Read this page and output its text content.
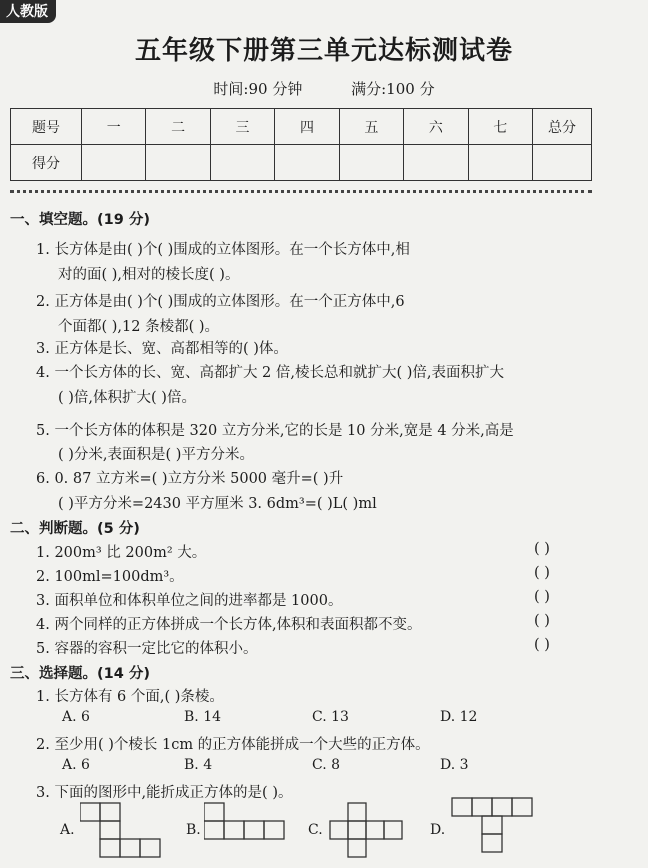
人教版
五年级下册第三单元达标测试卷
时间:90 分钟	满分:100 分
题号	一	二	三	四	五	六	七	总分
得分								
一、填空题。(19 分)
1. 长方体是由( )个( )围成的立体图形。在一个长方体中,相
对的面( ),相对的棱长度( )。
2. 正方体是由( )个( )围成的立体图形。在一个正方体中,6
个面都( ),12 条棱都( )。
3. 正方体是长、宽、高都相等的( )体。
4. 一个长方体的长、宽、高都扩大 2 倍,棱长总和就扩大( )倍,表面积扩大
( )倍,体积扩大( )倍。
5. 一个长方体的体积是 320 立方分米,它的长是 10 分米,宽是 4 分米,高是
( )分米,表面积是( )平方分米。
6. 0. 87 立方米=( )立方分米 5000 毫升=( )升
( )平方分米=2430 平方厘米 3. 6dm³=( )L( )ml
二、判断题。(5 分)
1. 200m³ 比 200m² 大。	( )
2. 100ml=100dm³。	( )
3. 面积单位和体积单位之间的进率都是 1000。	( )
4. 两个同样的正方体拼成一个长方体,体积和表面积都不变。	( )
5. 容器的容积一定比它的体积小。	( )
三、选择题。(14 分)
1. 长方体有 6 个面,( )条棱。
A. 6	B. 14	C. 13	D. 12
2. 至少用( )个棱长 1cm 的正方体能拼成一个大些的正方体。
A. 6	B. 4	C. 8	D. 3
3. 下面的图形中,能折成正方体的是( )。
A.	B.	C.	D.
